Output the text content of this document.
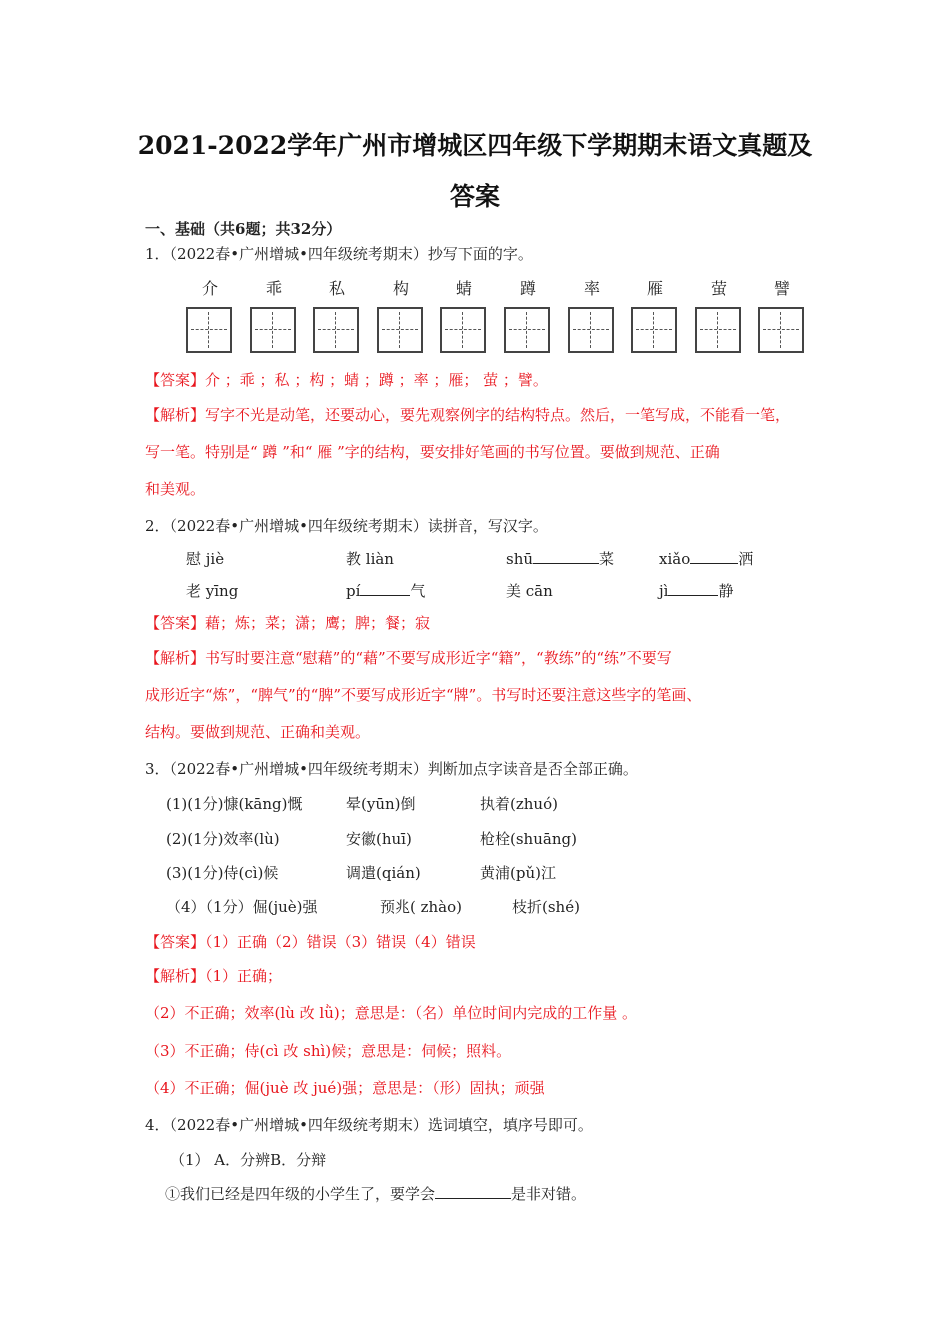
2021-2022学年广州市增城区四年级下学期期末语文真题及
答案
一、基础（共6题；共32分）
1．（2022春•广州增城•四年级统考期末）抄写下面的字。
介	乖	私	构	蜻	蹲	率	雁	萤	譬
【答案】介 ；乖 ；私 ；构 ；蜻 ；蹲 ；率 ；雁； 萤 ；譬。
【解析】写字不光是动笔，还要动心，要先观察例字的结构特点。然后，一笔写成，不能看一笔，
写一笔。特别是“ 蹲 ”和“ 雁 ”字的结构，要安排好笔画的书写位置。要做到规范、正确
和美观。
2．（2022春•广州增城•四年级统考期末）读拼音，写汉字。
慰 jiè	教 liàn	shū	菜	xiǎo	洒
老 yīng	pí	气	美 cān	jì	静
【答案】藉；炼；菜；潇；鹰；脾；餐；寂
【解析】书写时要注意“慰藉”的“藉”不要写成形近字“籍”，“教练”的“练”不要写
成形近字“炼”，“脾气”的“脾”不要写成形近字“牌”。书写时还要注意这些字的笔画、
结构。要做到规范、正确和美观。
3．（2022春•广州增城•四年级统考期末）判断加点字读音是否全部正确。
(1)(1分)慷(kāng)慨	晕(yūn)倒	执着(zhuó)
(2)(1分)效率(lù)	安徽(huī)	枪栓(shuāng)
(3)(1分)侍(cì)候	调遣(qián)	黄浦(pǔ)江
（4）（1分）倔(juè)强	预兆( zhào)	枝折(shé)
【答案】（1）正确（2）错误（3）错误（4）错误
【解析】（1）正确；
（2）不正确；效率(lù 改 lǜ)；意思是：（名）单位时间内完成的工作量 。
（3）不正确；侍(cì 改 shì)候；意思是：伺候；照料。
（4）不正确；倔(juè 改 jué)强；意思是：（形）固执；顽强
4．（2022春•广州增城•四年级统考期末）选词填空，填序号即可。
（1） A．分辨B．分辩
①我们已经是四年级的小学生了，要学会	是非对错。
